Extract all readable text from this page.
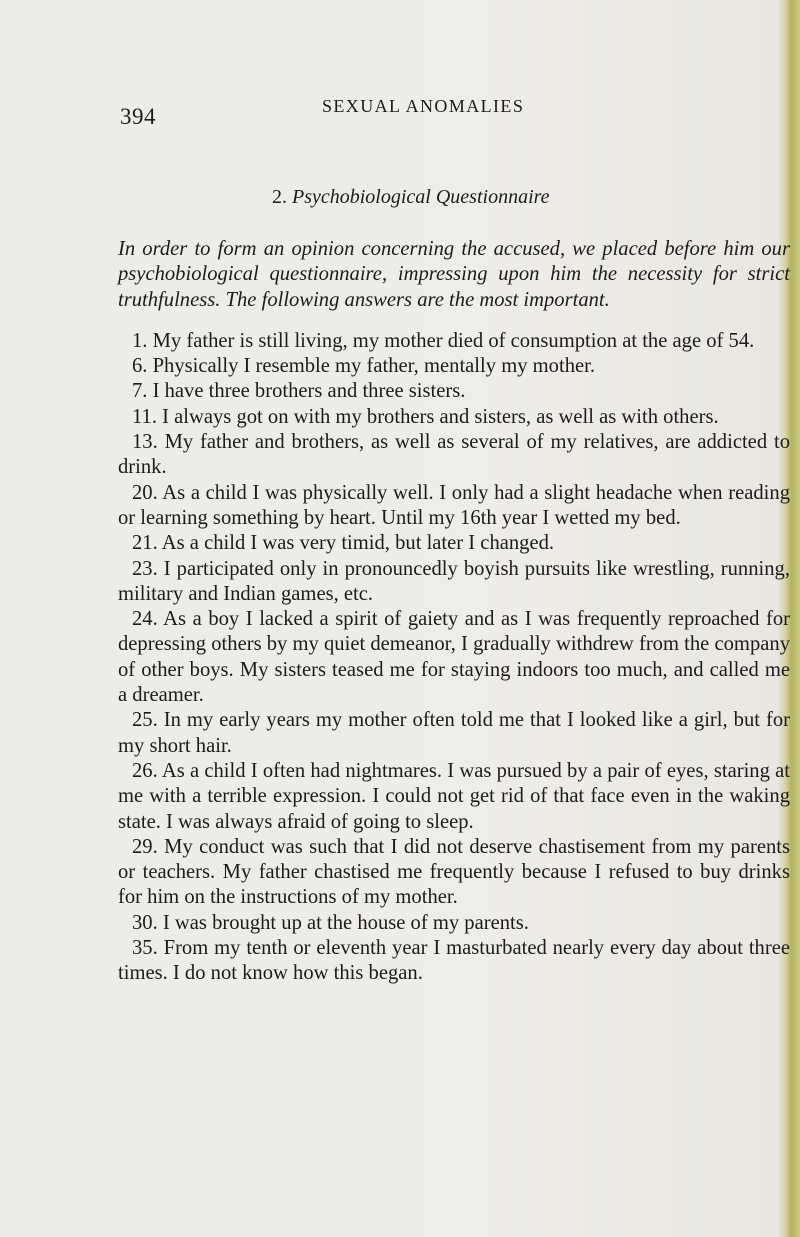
394	SEXUAL ANOMALIES
2. Psychobiological Questionnaire

In order to form an opinion concerning the accused, we placed before him our psychobiological questionnaire, impressing upon him the necessity for strict truthfulness. The following answers are the most important.

1. My father is still living, my mother died of consumption at the age of 54.

6. Physically I resemble my father, mentally my mother.

7. I have three brothers and three sisters.

11. I always got on with my brothers and sisters, as well as with others.

13. My father and brothers, as well as several of my relatives, are addicted to drink.

20. As a child I was physically well. I only had a slight headache when reading or learning something by heart. Until my 16th year I wetted my bed.

21. As a child I was very timid, but later I changed.

23. I participated only in pronouncedly boyish pursuits like wrestling, running, military and Indian games, etc.

24. As a boy I lacked a spirit of gaiety and as I was frequently reproached for depressing others by my quiet demeanor, I gradually withdrew from the company of other boys. My sisters teased me for staying indoors too much, and called me a dreamer.

25. In my early years my mother often told me that I looked like a girl, but for my short hair.

26. As a child I often had nightmares. I was pursued by a pair of eyes, staring at me with a terrible expression. I could not get rid of that face even in the waking state. I was always afraid of going to sleep.

29. My conduct was such that I did not deserve chastisement from my parents or teachers. My father chastised me frequently because I refused to buy drinks for him on the instructions of my mother.

30. I was brought up at the house of my parents.

35. From my tenth or eleventh year I masturbated nearly every day about three times. I do not know how this began.
